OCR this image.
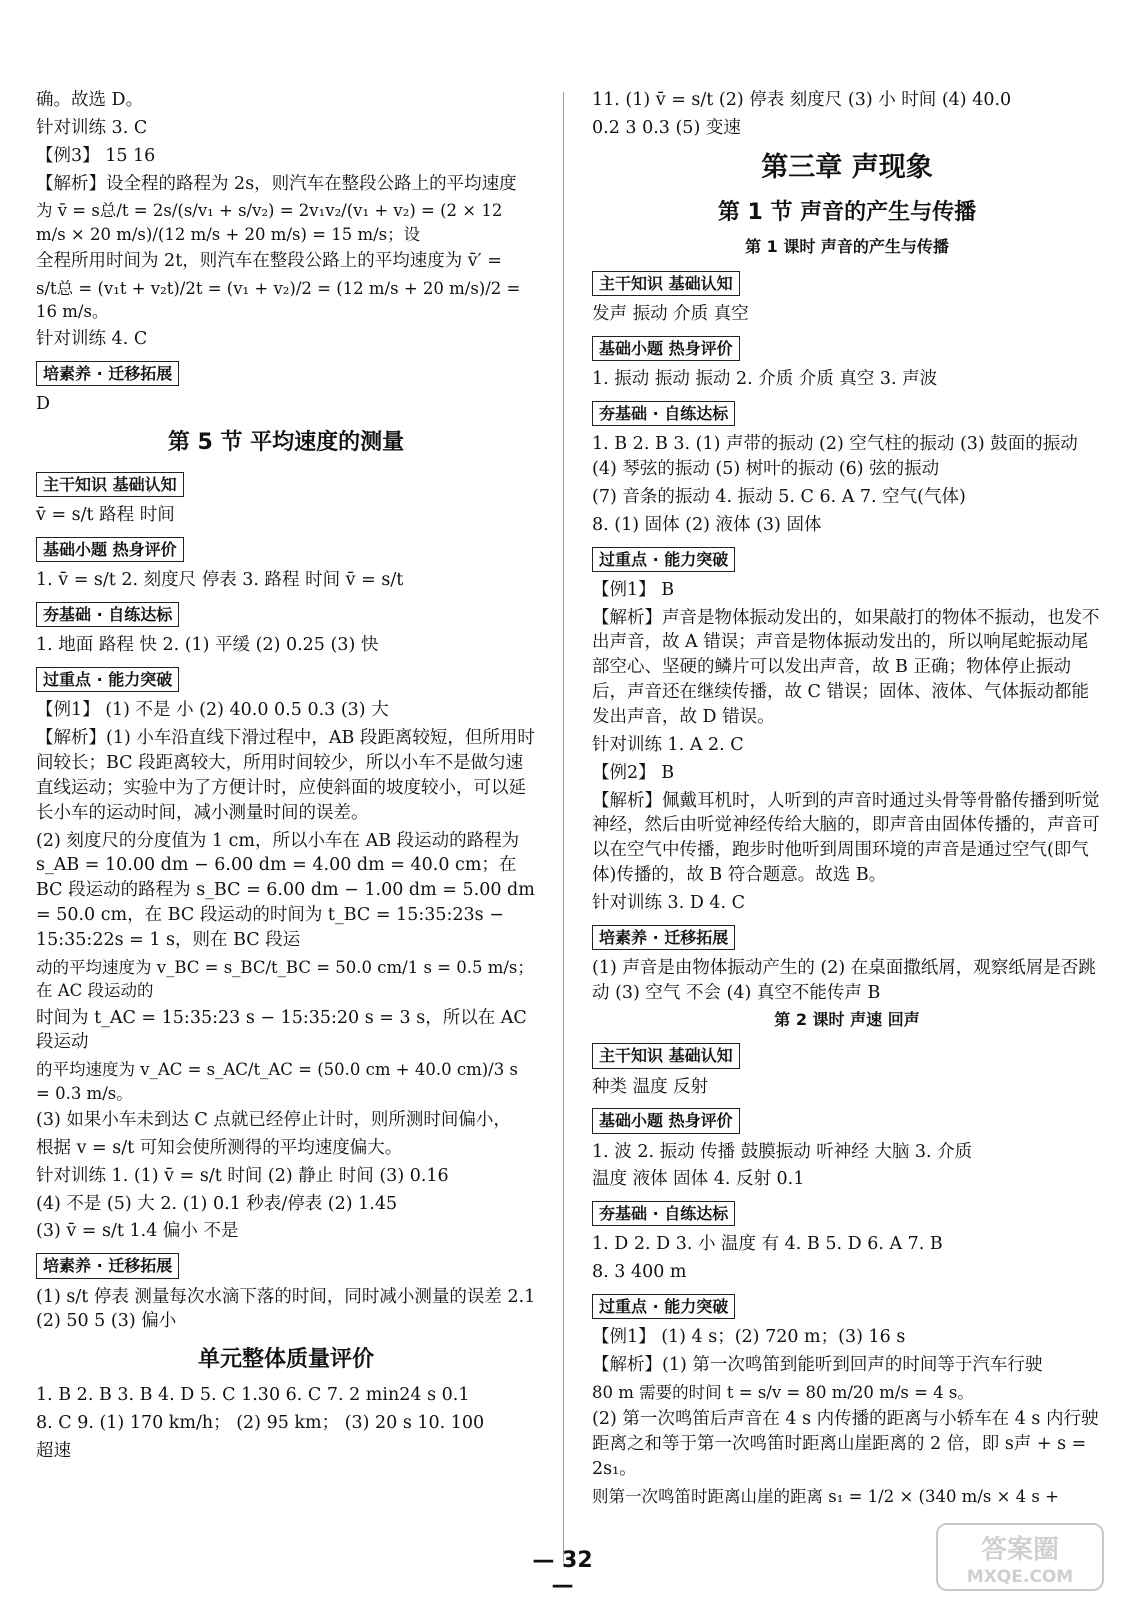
确。故选 D。

针对训练 3. C

【例3】 15 16

【解析】设全程的路程为 2s，则汽车在整段公路上的平均速度

为 v̄ = s总/t = 2s/(s/v₁ + s/v₂) = 2v₁v₂/(v₁ + v₂) = (2 × 12 m/s × 20 m/s)/(12 m/s + 20 m/s) = 15 m/s；设

全程所用时间为 2t，则汽车在整段公路上的平均速度为 v̄′ =

s/t总 = (v₁t + v₂t)/2t = (v₁ + v₂)/2 = (12 m/s + 20 m/s)/2 = 16 m/s。

针对训练 4. C

培素养 · 迁移拓展

D

第 5 节 平均速度的测量
主干知识 基础认知

v̄ = s/t 路程 时间

基础小题 热身评价

1. v̄ = s/t 2. 刻度尺 停表 3. 路程 时间 v̄ = s/t

夯基础 · 自练达标

1. 地面 路程 快 2. (1) 平缓 (2) 0.25 (3) 快

过重点 · 能力突破

【例1】 (1) 不是 小 (2) 40.0 0.5 0.3 (3) 大

【解析】(1) 小车沿直线下滑过程中，AB 段距离较短，但所用时间较长；BC 段距离较大，所用时间较少，所以小车不是做匀速直线运动；实验中为了方便计时，应使斜面的坡度较小，可以延长小车的运动时间，减小测量时间的误差。

(2) 刻度尺的分度值为 1 cm，所以小车在 AB 段运动的路程为 s_AB = 10.00 dm − 6.00 dm = 4.00 dm = 40.0 cm；在 BC 段运动的路程为 s_BC = 6.00 dm − 1.00 dm = 5.00 dm = 50.0 cm，在 BC 段运动的时间为 t_BC = 15:35:23s − 15:35:22s = 1 s，则在 BC 段运

动的平均速度为 v_BC = s_BC/t_BC = 50.0 cm/1 s = 0.5 m/s；在 AC 段运动的

时间为 t_AC = 15:35:23 s − 15:35:20 s = 3 s，所以在 AC 段运动

的平均速度为 v_AC = s_AC/t_AC = (50.0 cm + 40.0 cm)/3 s = 0.3 m/s。

(3) 如果小车未到达 C 点就已经停止计时，则所测时间偏小，

根据 v = s/t 可知会使所测得的平均速度偏大。

针对训练 1. (1) v̄ = s/t 时间 (2) 静止 时间 (3) 0.16

(4) 不是 (5) 大 2. (1) 0.1 秒表/停表 (2) 1.45

(3) v̄ = s/t 1.4 偏小 不是

培素养 · 迁移拓展

(1) s/t 停表 测量每次水滴下落的时间，同时减小测量的误差 2.1 (2) 50 5 (3) 偏小

单元整体质量评价

1. B 2. B 3. B 4. D 5. C 1.30 6. C 7. 2 min24 s 0.1

8. C 9. (1) 170 km/h； (2) 95 km； (3) 20 s 10. 100

超速

11. (1) v̄ = s/t (2) 停表 刻度尺 (3) 小 时间 (4) 40.0

0.2 3 0.3 (5) 变速

第三章 声现象
第 1 节 声音的产生与传播
第 1 课时 声音的产生与传播
主干知识 基础认知

发声 振动 介质 真空

基础小题 热身评价

1. 振动 振动 振动 2. 介质 介质 真空 3. 声波

夯基础 · 自练达标

1. B 2. B 3. (1) 声带的振动 (2) 空气柱的振动 (3) 鼓面的振动 (4) 琴弦的振动 (5) 树叶的振动 (6) 弦的振动

(7) 音条的振动 4. 振动 5. C 6. A 7. 空气(气体)

8. (1) 固体 (2) 液体 (3) 固体

过重点 · 能力突破

【例1】 B

【解析】声音是物体振动发出的，如果敲打的物体不振动，也发不出声音，故 A 错误；声音是物体振动发出的，所以响尾蛇振动尾部空心、坚硬的鳞片可以发出声音，故 B 正确；物体停止振动后，声音还在继续传播，故 C 错误；固体、液体、气体振动都能发出声音，故 D 错误。

针对训练 1. A 2. C

【例2】 B

【解析】佩戴耳机时，人听到的声音时通过头骨等骨骼传播到听觉神经，然后由听觉神经传给大脑的，即声音由固体传播的，声音可以在空气中传播，跑步时他听到周围环境的声音是通过空气(即气体)传播的，故 B 符合题意。故选 B。

针对训练 3. D 4. C

培素养 · 迁移拓展

(1) 声音是由物体振动产生的 (2) 在桌面撒纸屑，观察纸屑是否跳动 (3) 空气 不会 (4) 真空不能传声 B

第 2 课时 声速 回声
主干知识 基础认知

种类 温度 反射

基础小题 热身评价

1. 波 2. 振动 传播 鼓膜振动 听神经 大脑 3. 介质

温度 液体 固体 4. 反射 0.1

夯基础 · 自练达标

1. D 2. D 3. 小 温度 有 4. B 5. D 6. A 7. B

8. 3 400 m

过重点 · 能力突破

【例1】 (1) 4 s；(2) 720 m；(3) 16 s

【解析】(1) 第一次鸣笛到能听到回声的时间等于汽车行驶

80 m 需要的时间 t = s/v = 80 m/20 m/s = 4 s。

(2) 第一次鸣笛后声音在 4 s 内传播的距离与小轿车在 4 s 内行驶距离之和等于第一次鸣笛时距离山崖距离的 2 倍，即 s声 + s = 2s₁。

则第一次鸣笛时距离山崖的距离 s₁ = 1/2 × (340 m/s × 4 s +

— 32 —
答案圈
MXQE.COM
